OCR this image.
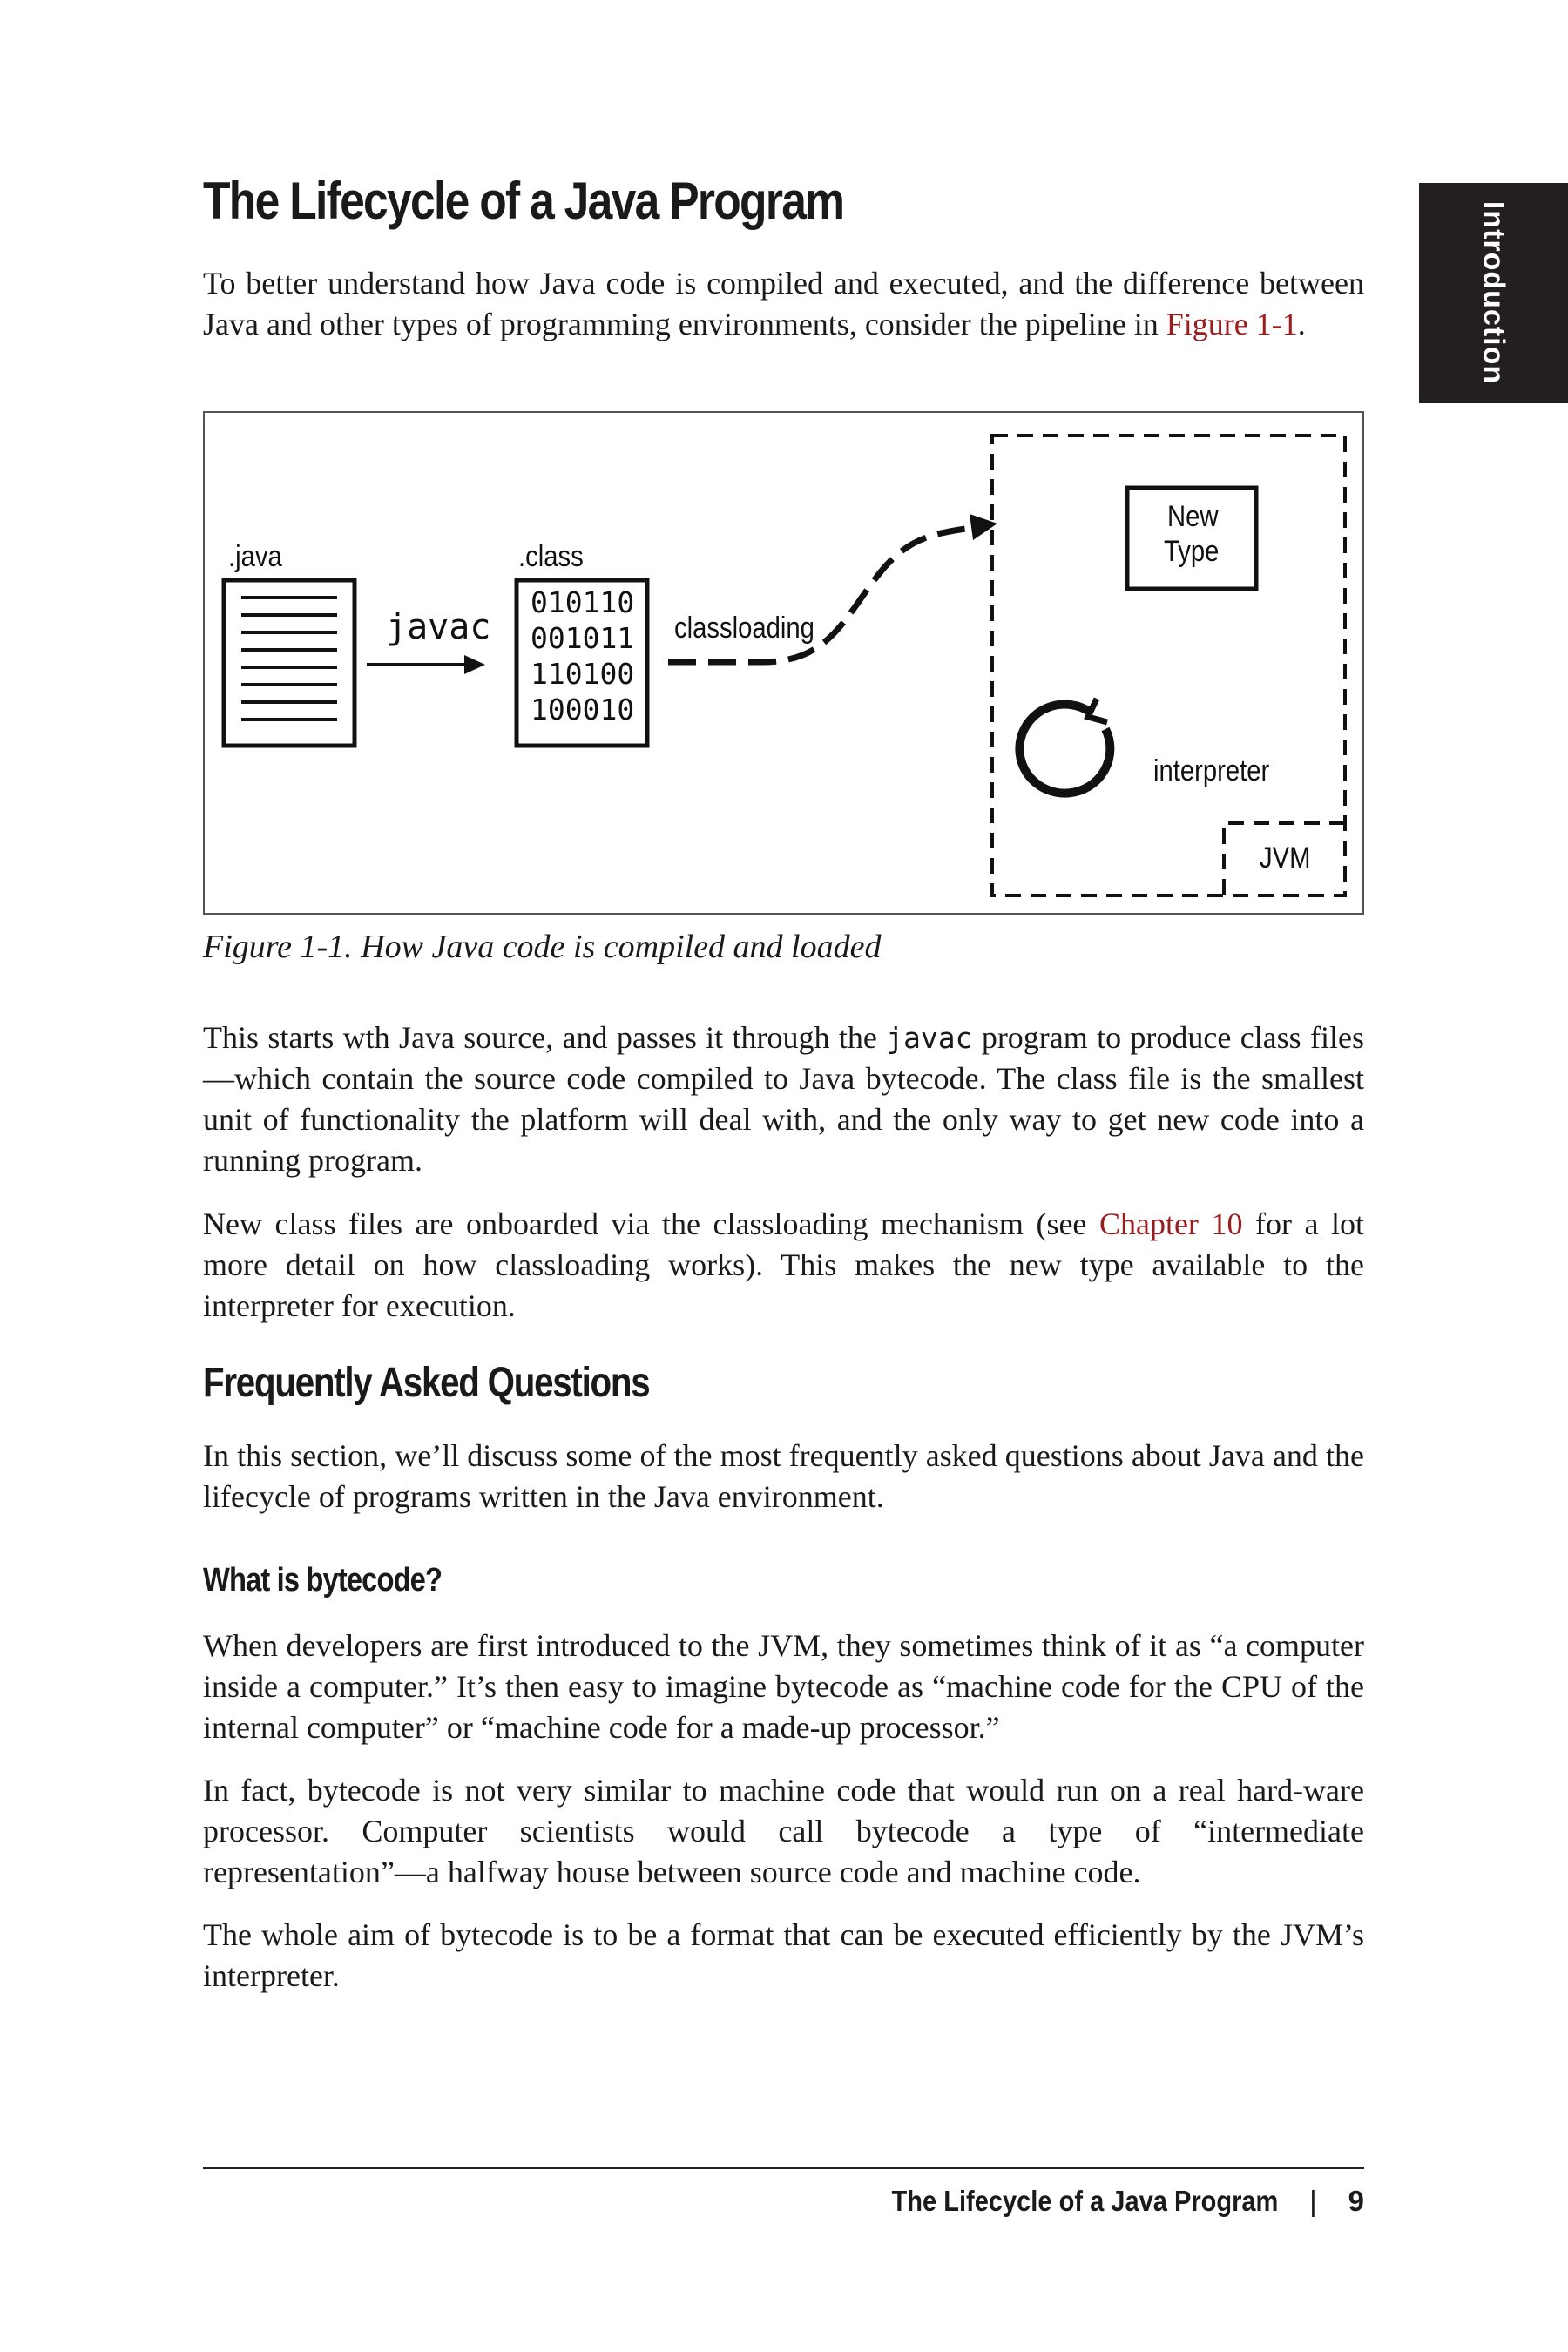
Introduction
The Lifecycle of a Java Program

To better understand how Java code is compiled and executed, and the difference between Java and other types of programming environments, consider the pipeline in Figure 1-1.

.java
javac
.class
010110
001011
110100
100010
classloading
New
Type
interpreter
JVM

Figure 1-1. How Java code is compiled and loaded

This starts wth Java source, and passes it through the javac program to produce class files—which contain the source code compiled to Java bytecode. The class file is the smallest unit of functionality the platform will deal with, and the only way to get new code into a running program.

New class files are onboarded via the classloading mechanism (see Chapter 10 for a lot more detail on how classloading works). This makes the new type available to the interpreter for execution.

Frequently Asked Questions

In this section, we’ll discuss some of the most frequently asked questions about Java and the lifecycle of programs written in the Java environment.

What is bytecode?

When developers are first introduced to the JVM, they sometimes think of it as “a computer inside a computer.” It’s then easy to imagine bytecode as “machine code for the CPU of the internal computer” or “machine code for a made-up processor.”

In fact, bytecode is not very similar to machine code that would run on a real hard‐ware processor. Computer scientists would call bytecode a type of “intermediate representation”—a halfway house between source code and machine code.

The whole aim of bytecode is to be a format that can be executed efficiently by the JVM’s interpreter.

The Lifecycle of a Java Program | 9
